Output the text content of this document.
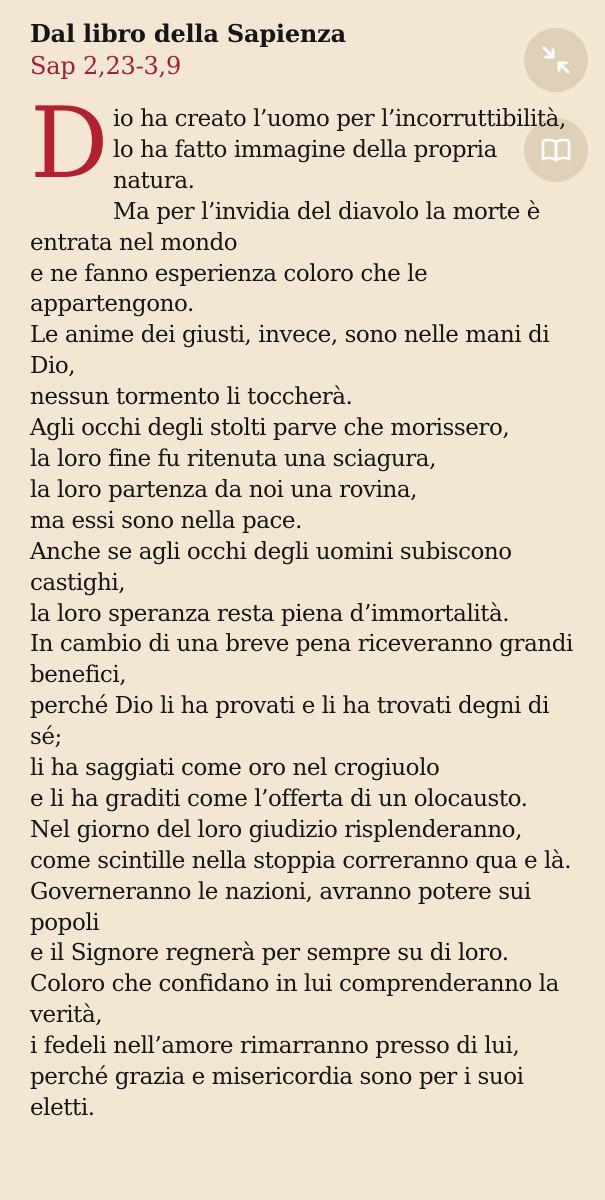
Dal libro della Sapienza
Sap 2,23-3,9
D io ha creato l’uomo per l’incorruttibilità,
lo ha fatto immagine della propria
natura.
Ma per l’invidia del diavolo la morte è
entrata nel mondo
e ne fanno esperienza coloro che le
appartengono.
Le anime dei giusti, invece, sono nelle mani di
Dio,
nessun tormento li toccherà.
Agli occhi degli stolti parve che morissero,
la loro fine fu ritenuta una sciagura,
la loro partenza da noi una rovina,
ma essi sono nella pace.
Anche se agli occhi degli uomini subiscono
castighi,
la loro speranza resta piena d’immortalità.
In cambio di una breve pena riceveranno grandi
benefici,
perché Dio li ha provati e li ha trovati degni di
sé;
li ha saggiati come oro nel crogiuolo
e li ha graditi come l’offerta di un olocausto.
Nel giorno del loro giudizio risplenderanno,
come scintille nella stoppia correranno qua e là.
Governeranno le nazioni, avranno potere sui
popoli
e il Signore regnerà per sempre su di loro.
Coloro che confidano in lui comprenderanno la
verità,
i fedeli nell’amore rimarranno presso di lui,
perché grazia e misericordia sono per i suoi
eletti.
